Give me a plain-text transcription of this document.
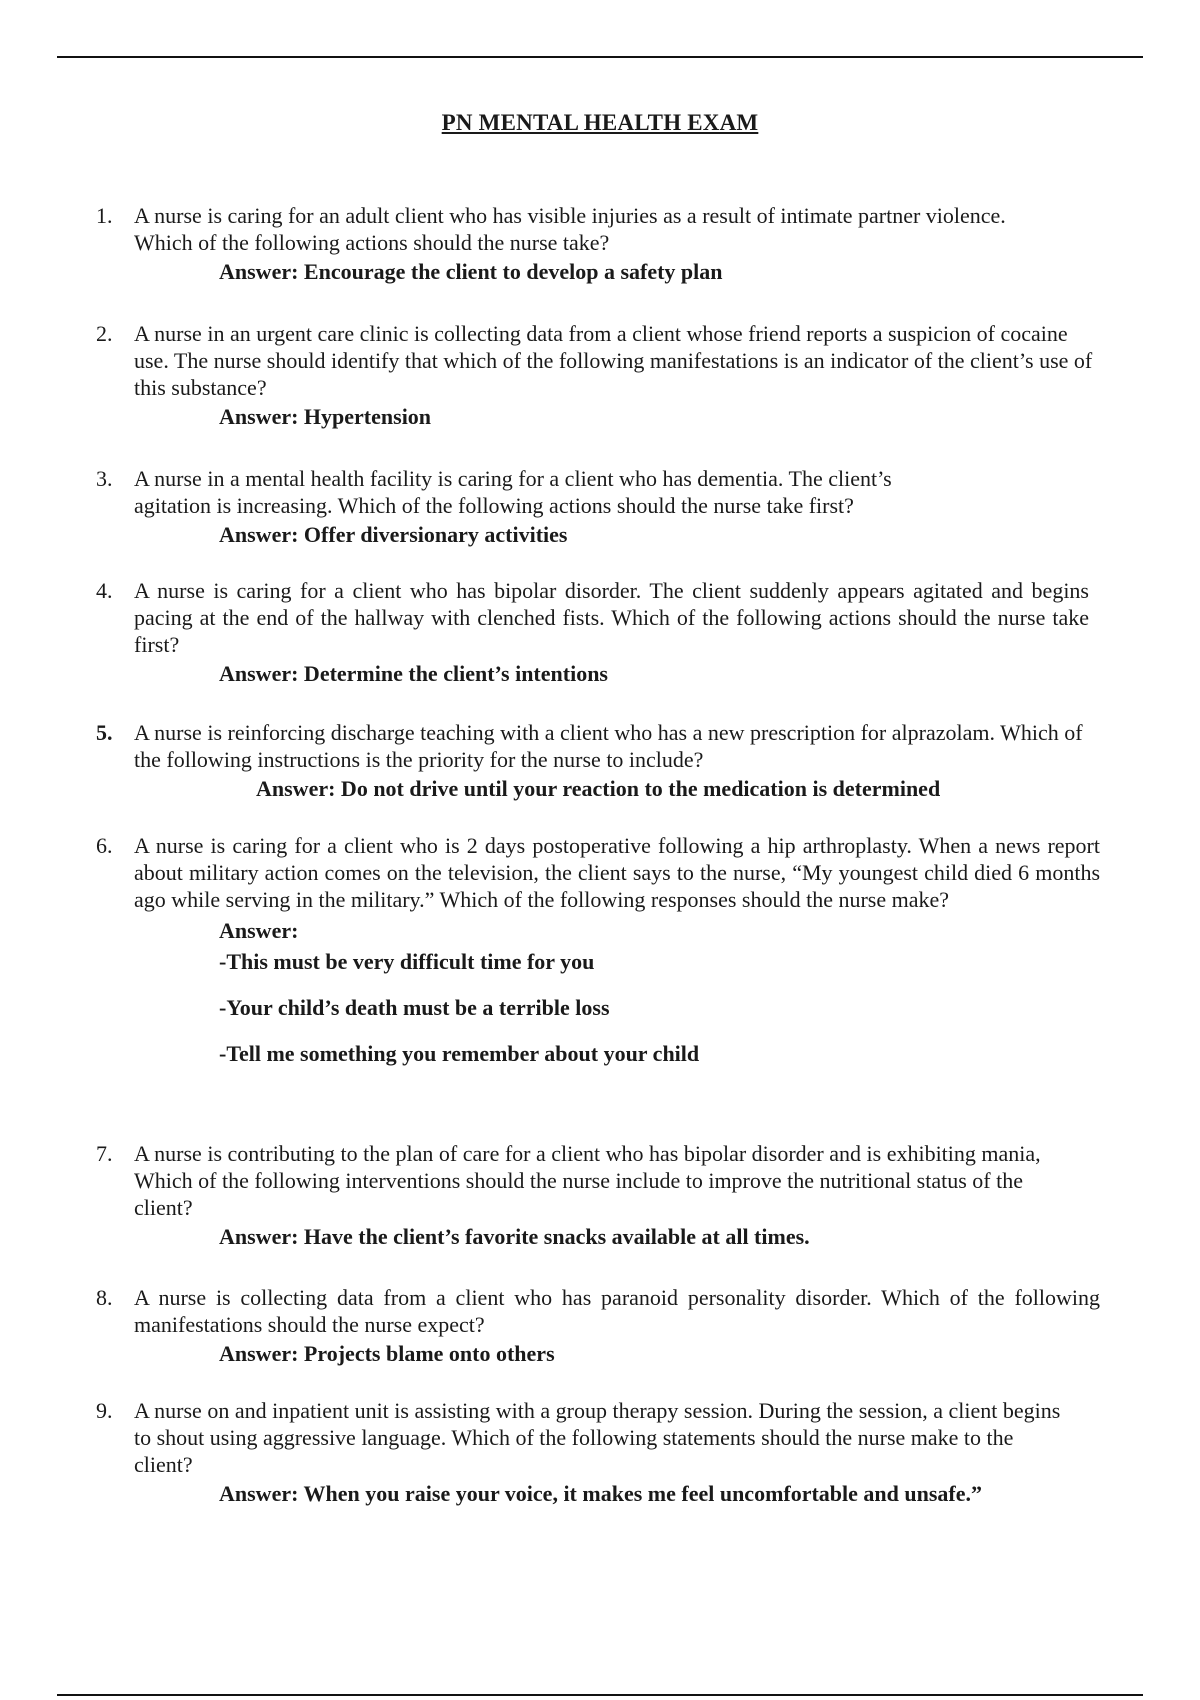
PN MENTAL HEALTH EXAM
1. A nurse is caring for an adult client who has visible injuries as a result of intimate partner violence. Which of the following actions should the nurse take?
Answer: Encourage the client to develop a safety plan
2. A nurse in an urgent care clinic is collecting data from a client whose friend reports a suspicion of cocaine use. The nurse should identify that which of the following manifestations is an indicator of the client’s use of this substance?
Answer: Hypertension
3. A nurse in a mental health facility is caring for a client who has dementia. The client’s agitation is increasing. Which of the following actions should the nurse take first?
Answer: Offer diversionary activities
4. A nurse is caring for a client who has bipolar disorder. The client suddenly appears agitated and begins pacing at the end of the hallway with clenched fists. Which of the following actions should the nurse take first?
Answer: Determine the client’s intentions
5. A nurse is reinforcing discharge teaching with a client who has a new prescription for alprazolam. Which of the following instructions is the priority for the nurse to include?
Answer: Do not drive until your reaction to the medication is determined
6. A nurse is caring for a client who is 2 days postoperative following a hip arthroplasty. When a news report about military action comes on the television, the client says to the nurse, “My youngest child died 6 months ago while serving in the military.” Which of the following responses should the nurse make?
Answer:
-This must be very difficult time for you
-Your child’s death must be a terrible loss
-Tell me something you remember about your child
7. A nurse is contributing to the plan of care for a client who has bipolar disorder and is exhibiting mania, Which of the following interventions should the nurse include to improve the nutritional status of the client?
Answer: Have the client’s favorite snacks available at all times.
8. A nurse is collecting data from a client who has paranoid personality disorder. Which of the following manifestations should the nurse expect?
Answer: Projects blame onto others
9. A nurse on and inpatient unit is assisting with a group therapy session. During the session, a client begins to shout using aggressive language. Which of the following statements should the nurse make to the client?
Answer: When you raise your voice, it makes me feel uncomfortable and unsafe.”
